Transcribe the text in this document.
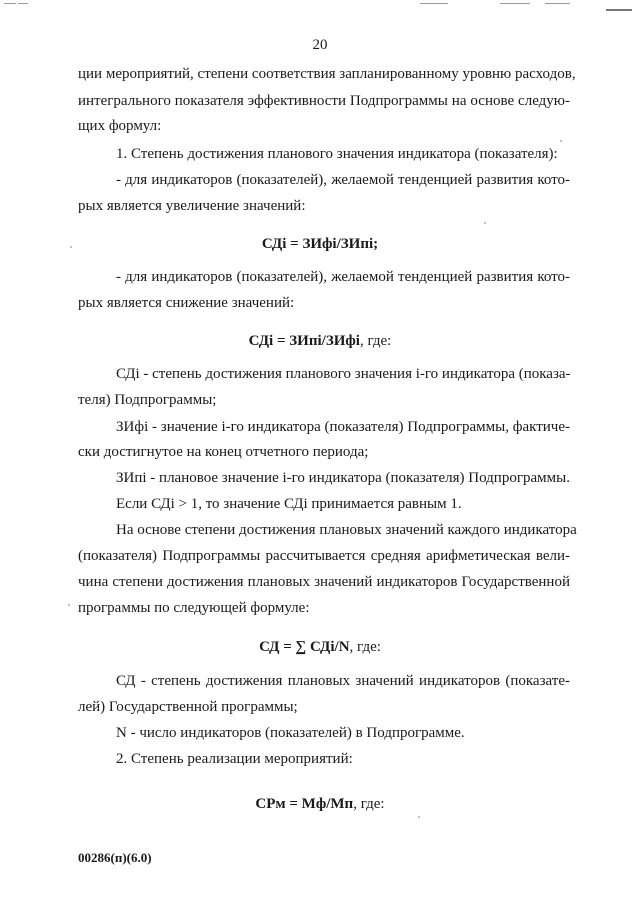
20
ции мероприятий, степени соответствия запланированному уровню расходов,
интегрального показателя эффективности Подпрограммы на основе следую-
щих формул:
1. Степень достижения планового значения индикатора (показателя):
- для индикаторов (показателей), желаемой тенденцией развития кото-
рых является увеличение значений:
СДі = ЗИфі/ЗИпі;
- для индикаторов (показателей), желаемой тенденцией развития кото-
рых является снижение значений:
СДі = ЗИпі/ЗИфі, где:
СДі - степень достижения планового значения і-го индикатора (показа-
теля) Подпрограммы;
ЗИфі - значение і-го индикатора (показателя) Подпрограммы, фактиче-
ски достигнутое на конец отчетного периода;
ЗИпі - плановое значение і-го индикатора (показателя) Подпрограммы.
Если СДі > 1, то значение СДі принимается равным 1.
На основе степени достижения плановых значений каждого индикатора
(показателя) Подпрограммы рассчитывается средняя арифметическая вели-
чина степени достижения плановых значений индикаторов Государственной
программы по следующей формуле:
СД = ∑ СДі/N, где:
СД - степень достижения плановых значений индикаторов (показате-
лей) Государственной программы;
N - число индикаторов (показателей) в Подпрограмме.
2. Степень реализации мероприятий:
СРм = Мф/Мп, где:
00286(п)(6.0)
